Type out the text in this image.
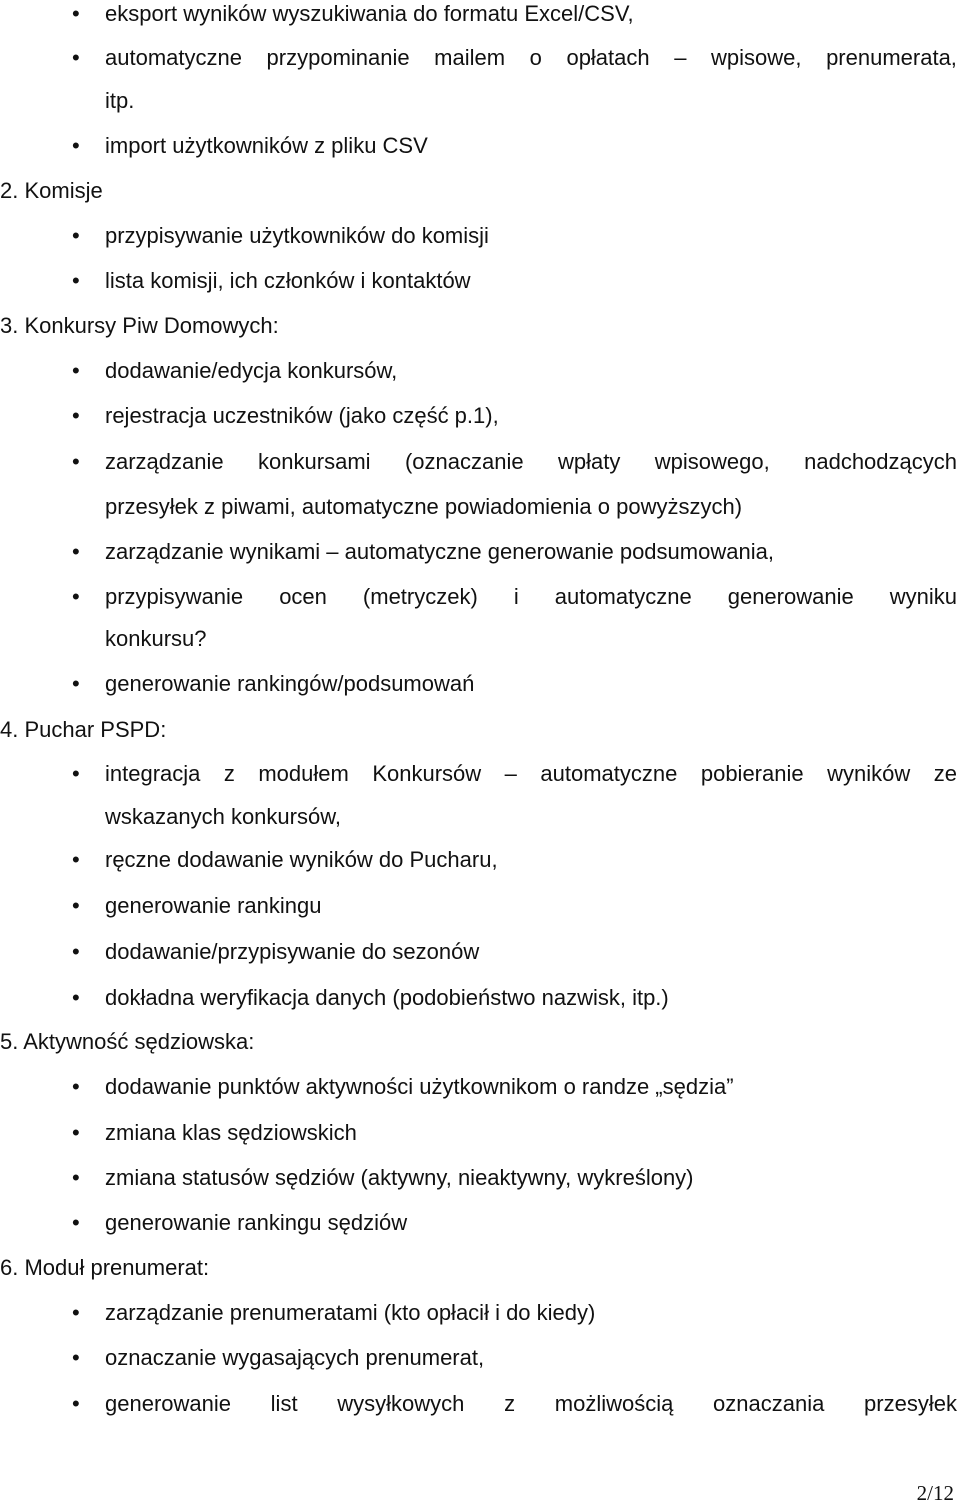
• eksport wyników wyszukiwania do formatu Excel/CSV,
• automatyczne przypominanie mailem o opłatach – wpisowe, prenumerata,
itp.
• import użytkowników z pliku CSV
2. Komisje
• przypisywanie użytkowników do komisji
• lista komisji, ich członków i kontaktów
3. Konkursy Piw Domowych:
• dodawanie/edycja konkursów,
• rejestracja uczestników (jako część p.1),
• zarządzanie konkursami (oznaczanie wpłaty wpisowego, nadchodzących
przesyłek z piwami, automatyczne powiadomienia o powyższych)
• zarządzanie wynikami – automatyczne generowanie podsumowania,
• przypisywanie ocen (metryczek) i automatyczne generowanie wyniku
konkursu?
• generowanie rankingów/podsumowań
4. Puchar PSPD:
• integracja z modułem Konkursów – automatyczne pobieranie wyników ze
wskazanych konkursów,
• ręczne dodawanie wyników do Pucharu,
• generowanie rankingu
• dodawanie/przypisywanie do sezonów
• dokładna weryfikacja danych (podobieństwo nazwisk, itp.)
5. Aktywność sędziowska:
• dodawanie punktów aktywności użytkownikom o randze „sędzia”
• zmiana klas sędziowskich
• zmiana statusów sędziów (aktywny, nieaktywny, wykreślony)
• generowanie rankingu sędziów
6. Moduł prenumerat:
• zarządzanie prenumeratami (kto opłacił i do kiedy)
• oznaczanie wygasających prenumerat,
• generowanie list wysyłkowych z możliwością oznaczania przesyłek
2/12
